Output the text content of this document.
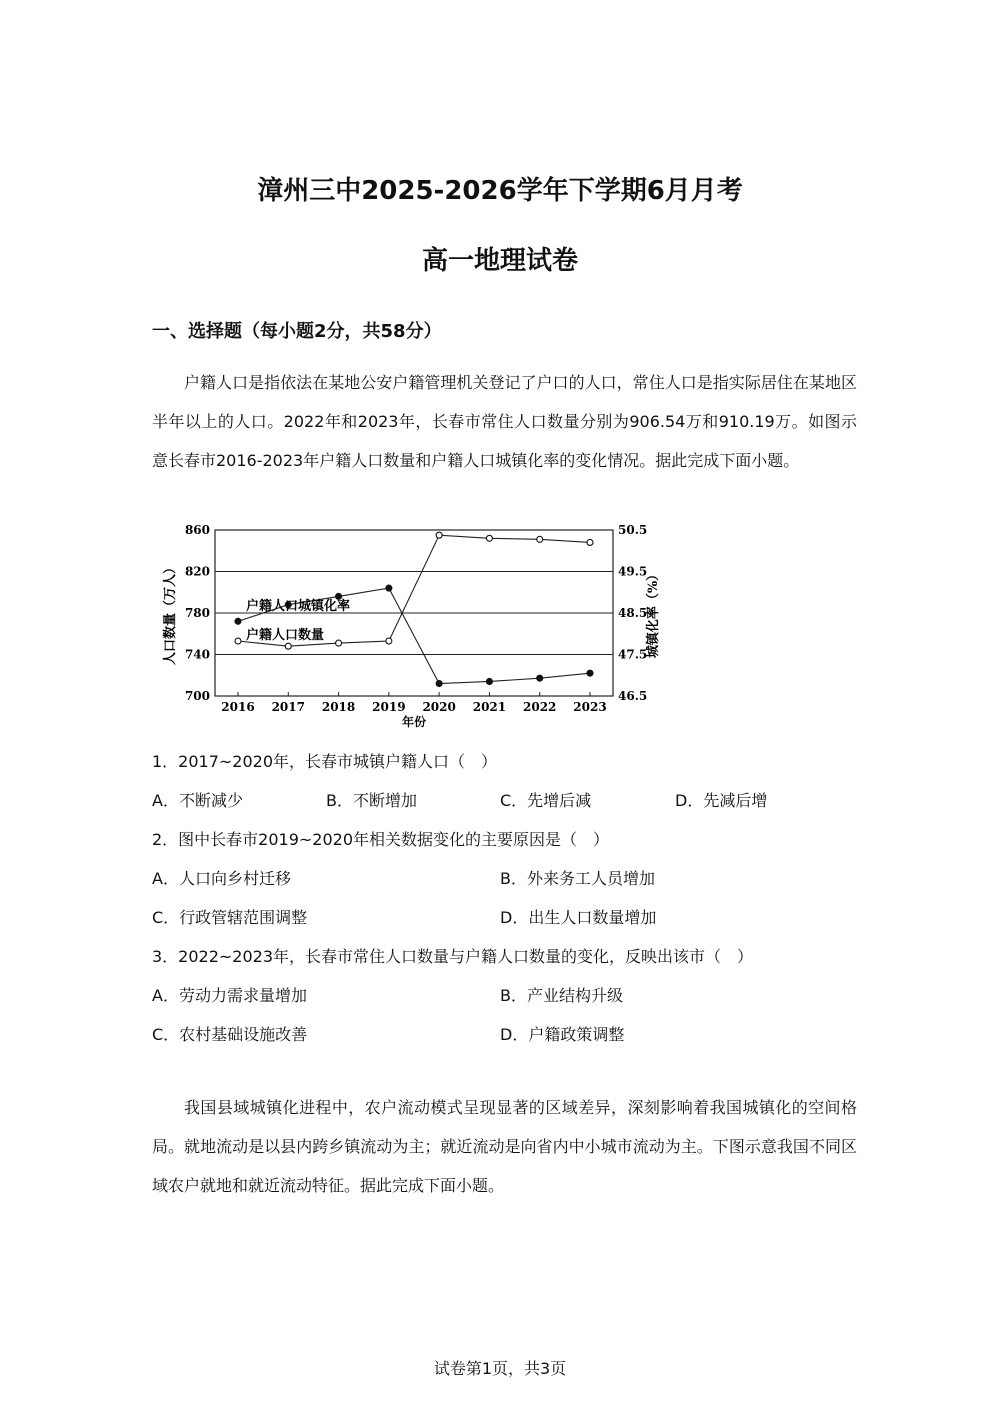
漳州三中2025-2026学年下学期6月月考
高一地理试卷
一、选择题（每小题2分，共58分）
户籍人口是指依法在某地公安户籍管理机关登记了户口的人口，常住人口是指实际居住在某地区半年以上的人口。2022年和2023年，长春市常住人口数量分别为906.54万和910.19万。如图示意长春市2016-2023年户籍人口数量和户籍人口城镇化率的变化情况。据此完成下面小题。
700
740
780
820
860
46.5
47.5
48.5
49.5
50.5
2016 2017 2018 2019 2020 2021 2022 2023
年份
人口数量（万人）	城镇化率（%）
户籍人口城镇化率
户籍人口数量
1．2017~2020年，长春市城镇户籍人口（　）
A．不断减少	B．不断增加	C．先增后减	D．先减后增
2．图中长春市2019~2020年相关数据变化的主要原因是（　）
A．人口向乡村迁移	B．外来务工人员增加
C．行政管辖范围调整	D．出生人口数量增加
3．2022~2023年，长春市常住人口数量与户籍人口数量的变化，反映出该市（　）
A．劳动力需求量增加	B．产业结构升级
C．农村基础设施改善	D．户籍政策调整
我国县域城镇化进程中，农户流动模式呈现显著的区域差异，深刻影响着我国城镇化的空间格局。就地流动是以县内跨乡镇流动为主；就近流动是向省内中小城市流动为主。下图示意我国不同区域农户就地和就近流动特征。据此完成下面小题。
试卷第1页，共3页
